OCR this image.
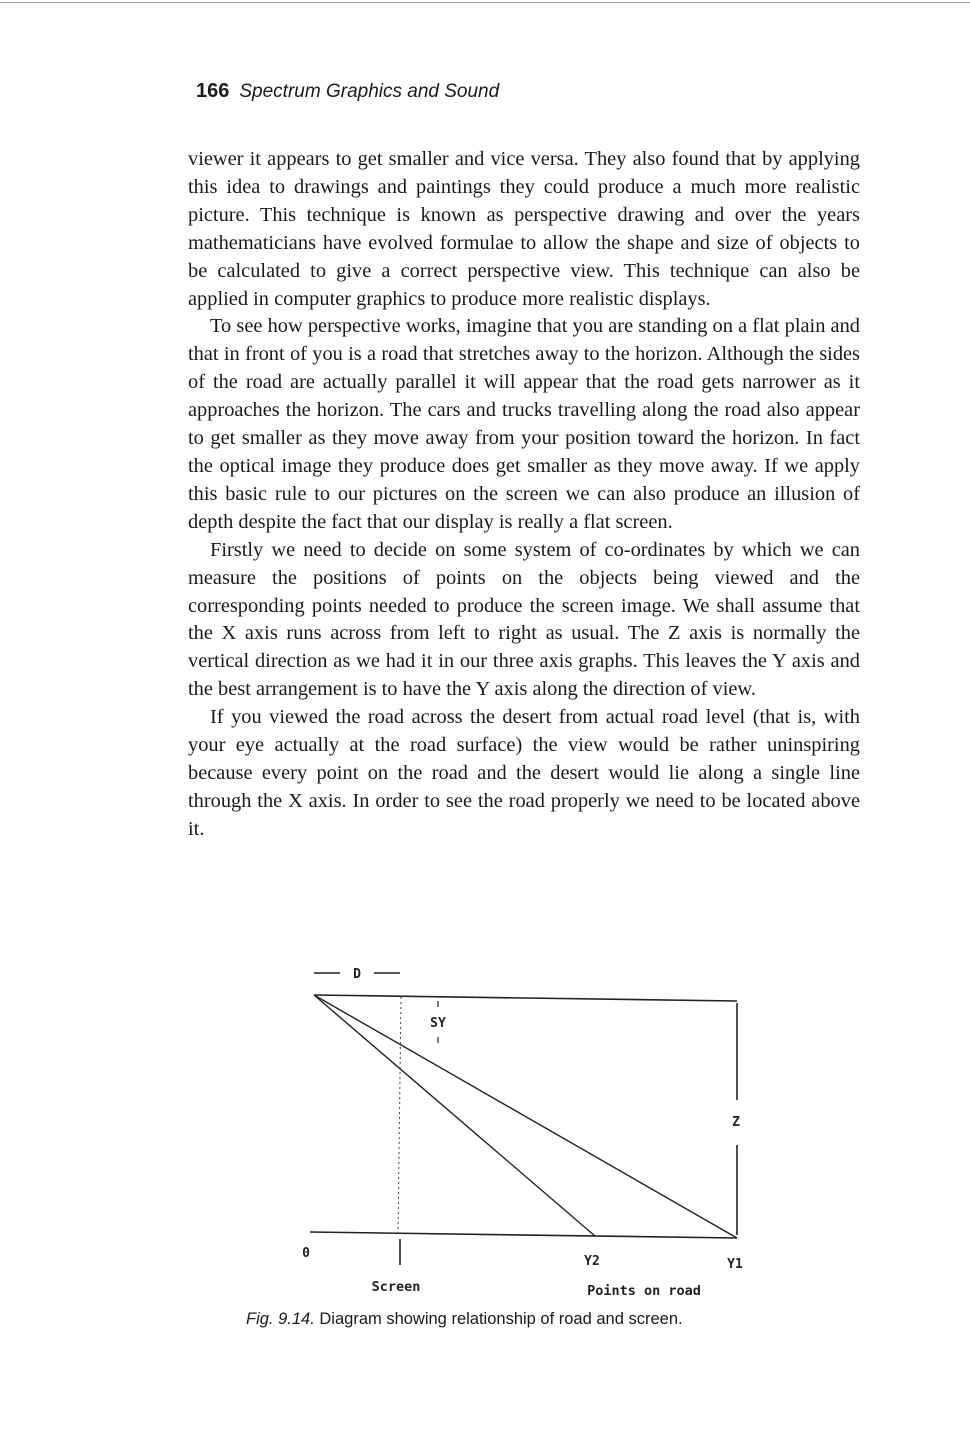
166 Spectrum Graphics and Sound

viewer it appears to get smaller and vice versa. They also found that by applying this idea to drawings and paintings they could produce a much more realistic picture. This technique is known as perspective drawing and over the years mathematicians have evolved formulae to allow the shape and size of objects to be calculated to give a correct perspective view. This technique can also be applied in computer graphics to produce more realistic displays.

To see how perspective works, imagine that you are standing on a flat plain and that in front of you is a road that stretches away to the horizon. Although the sides of the road are actually parallel it will appear that the road gets narrower as it approaches the horizon. The cars and trucks travelling along the road also appear to get smaller as they move away from your position toward the horizon. In fact the optical image they produce does get smaller as they move away. If we apply this basic rule to our pictures on the screen we can also produce an illusion of depth despite the fact that our display is really a flat screen.

Firstly we need to decide on some system of co-ordinates by which we can measure the positions of points on the objects being viewed and the corresponding points needed to produce the screen image. We shall assume that the X axis runs across from left to right as usual. The Z axis is normally the vertical direction as we had it in our three axis graphs. This leaves the Y axis and the best arrangement is to have the Y axis along the direction of view.

If you viewed the road across the desert from actual road level (that is, with your eye actually at the road surface) the view would be rather uninspiring because every point on the road and the desert would lie along a single line through the X axis. In order to see the road properly we need to be located above it.

D
SY
Z
0
Y2	Y1
Screen	Points on road
Fig. 9.14. Diagram showing relationship of road and screen.
